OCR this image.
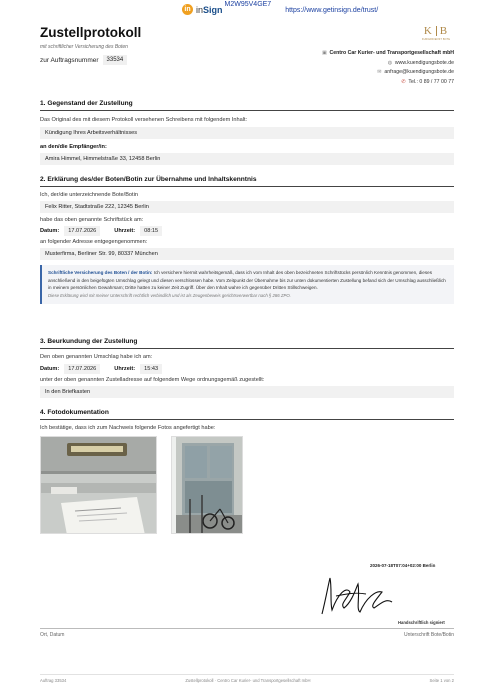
in inSign M2W95V4GE7
https://www.getinsign.de/trust/
Zustellprotokoll
mit schriftlicher Versicherung des Boten
zur Auftragsnummer	33534
K B
KURIERDIENST BOTE
▣ Centro Car Kurier- und Transportgesellschaft mbH
◍ www.kuendigungsbote.de
✉ anfrage@kuendigungsbote.de
✆ Tel.: 0 89 / 77 00 77
1. Gegenstand der Zustellung
Das Original des mit diesem Protokoll versehenen Schreibens mit folgendem Inhalt:
Kündigung Ihres Arbeitsverhältnisses
an den/die Empfänger/in:
Amira Himmel, Himmelstraße 33, 12458 Berlin
2. Erklärung des/der Boten/Botin zur Übernahme und Inhaltskenntnis
Ich, der/die unterzeichnende Bote/Botin
Felix Ritter, Stadtstraße 222, 12345 Berlin
habe das oben genannte Schriftstück am:
Datum:	17.07.2026	Uhrzeit:	08:15
an folgender Adresse entgegengenommen:
Musterfirma, Berliner Str. 99, 80337 München
Schriftliche Versicherung des Boten / der Botin: Ich versichere hiermit wahrheitsgemäß, dass ich vom Inhalt des oben bezeichneten Schriftstücks persönlich Kenntnis genommen, dieses anschließend in den beigefügten Umschlag gelegt und diesen verschlossen habe. Vom Zeitpunkt der Übernahme bis zur unten dokumentierten Zustellung befand sich der Umschlag ausschließlich in meinem persönlichen Gewahrsam; Dritte hatten zu keiner Zeit Zugriff. Über den Inhalt wahre ich gegenüber Dritten Stillschweigen.
Diese Erklärung wird mit meiner Unterschrift rechtlich verbindlich und ist als Zeugenbeweis gerichtsverwertbar nach § 286 ZPO.
3. Beurkundung der Zustellung
Den oben genannten Umschlag habe ich am:
Datum:	17.07.2026	Uhrzeit:	15:43
unter der oben genannten Zustelladresse auf folgendem Wege ordnungsgemäß zugestellt:
In den Briefkasten
4. Fotodokumentation
Ich bestätige, dass ich zum Nachweis folgende Fotos angefertigt habe:
2026-07-18T07:04+02:00 Berlin
Handschriftlich signiert
Ort, Datum	Unterschrift Bote/Botin
Auftrag 33534	Zustellprotokoll · Centro Car Kurier- und Transportgesellschaft mbH	Seite 1 von 2
